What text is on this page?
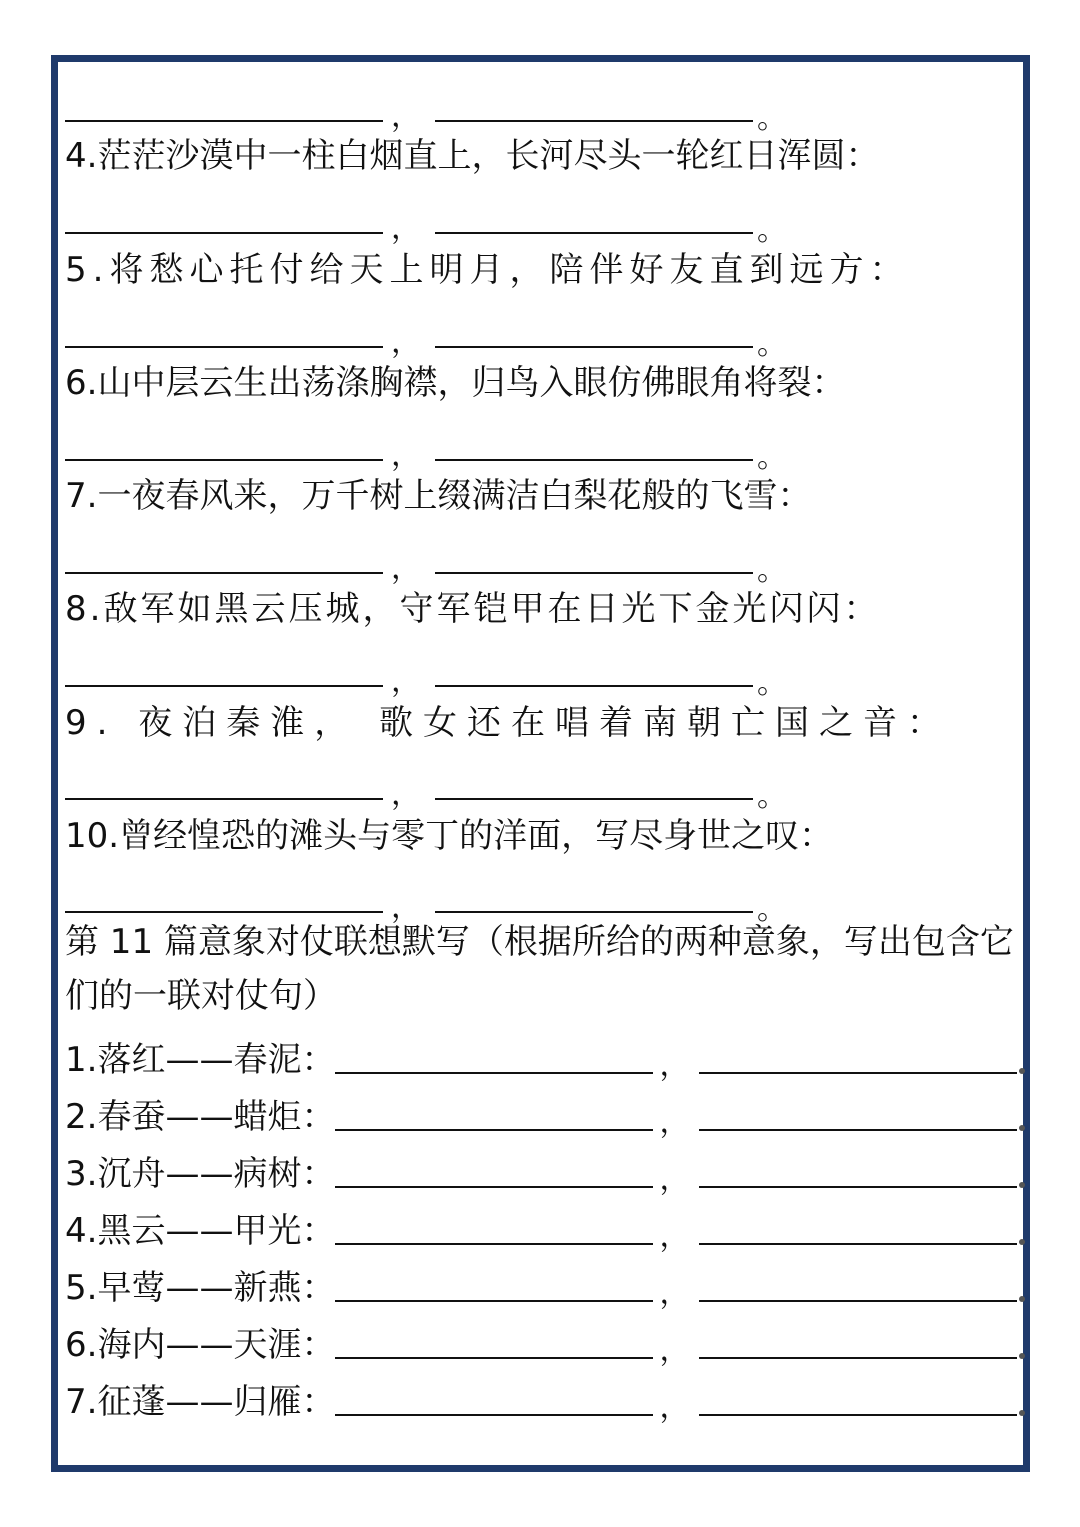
，	。
4.茫茫沙漠中一柱白烟直上，长河尽头一轮红日浑圆：
，	。
5.将愁心托付给天上明月，陪伴好友直到远方：
，	。
6.山中层云生出荡涤胸襟，归鸟入眼仿佛眼角将裂：
，	。
7.一夜春风来，万千树上缀满洁白梨花般的飞雪：
，	。
8.敌军如黑云压城，守军铠甲在日光下金光闪闪：
，	。
9. 夜泊秦淮， 歌女还在唱着南朝亡国之音：
，	。
10.曾经惶恐的滩头与零丁的洋面，写尽身世之叹：
，	。
第 11 篇意象对仗联想默写（根据所给的两种意象，写出包含它们的一联对仗句）
1.落红——春泥：	，
2.春蚕——蜡炬：	，
3.沉舟——病树：	，
4.黑云——甲光：	，
5.早莺——新燕：	，
6.海内——天涯：	，
7.征蓬——归雁：	，
